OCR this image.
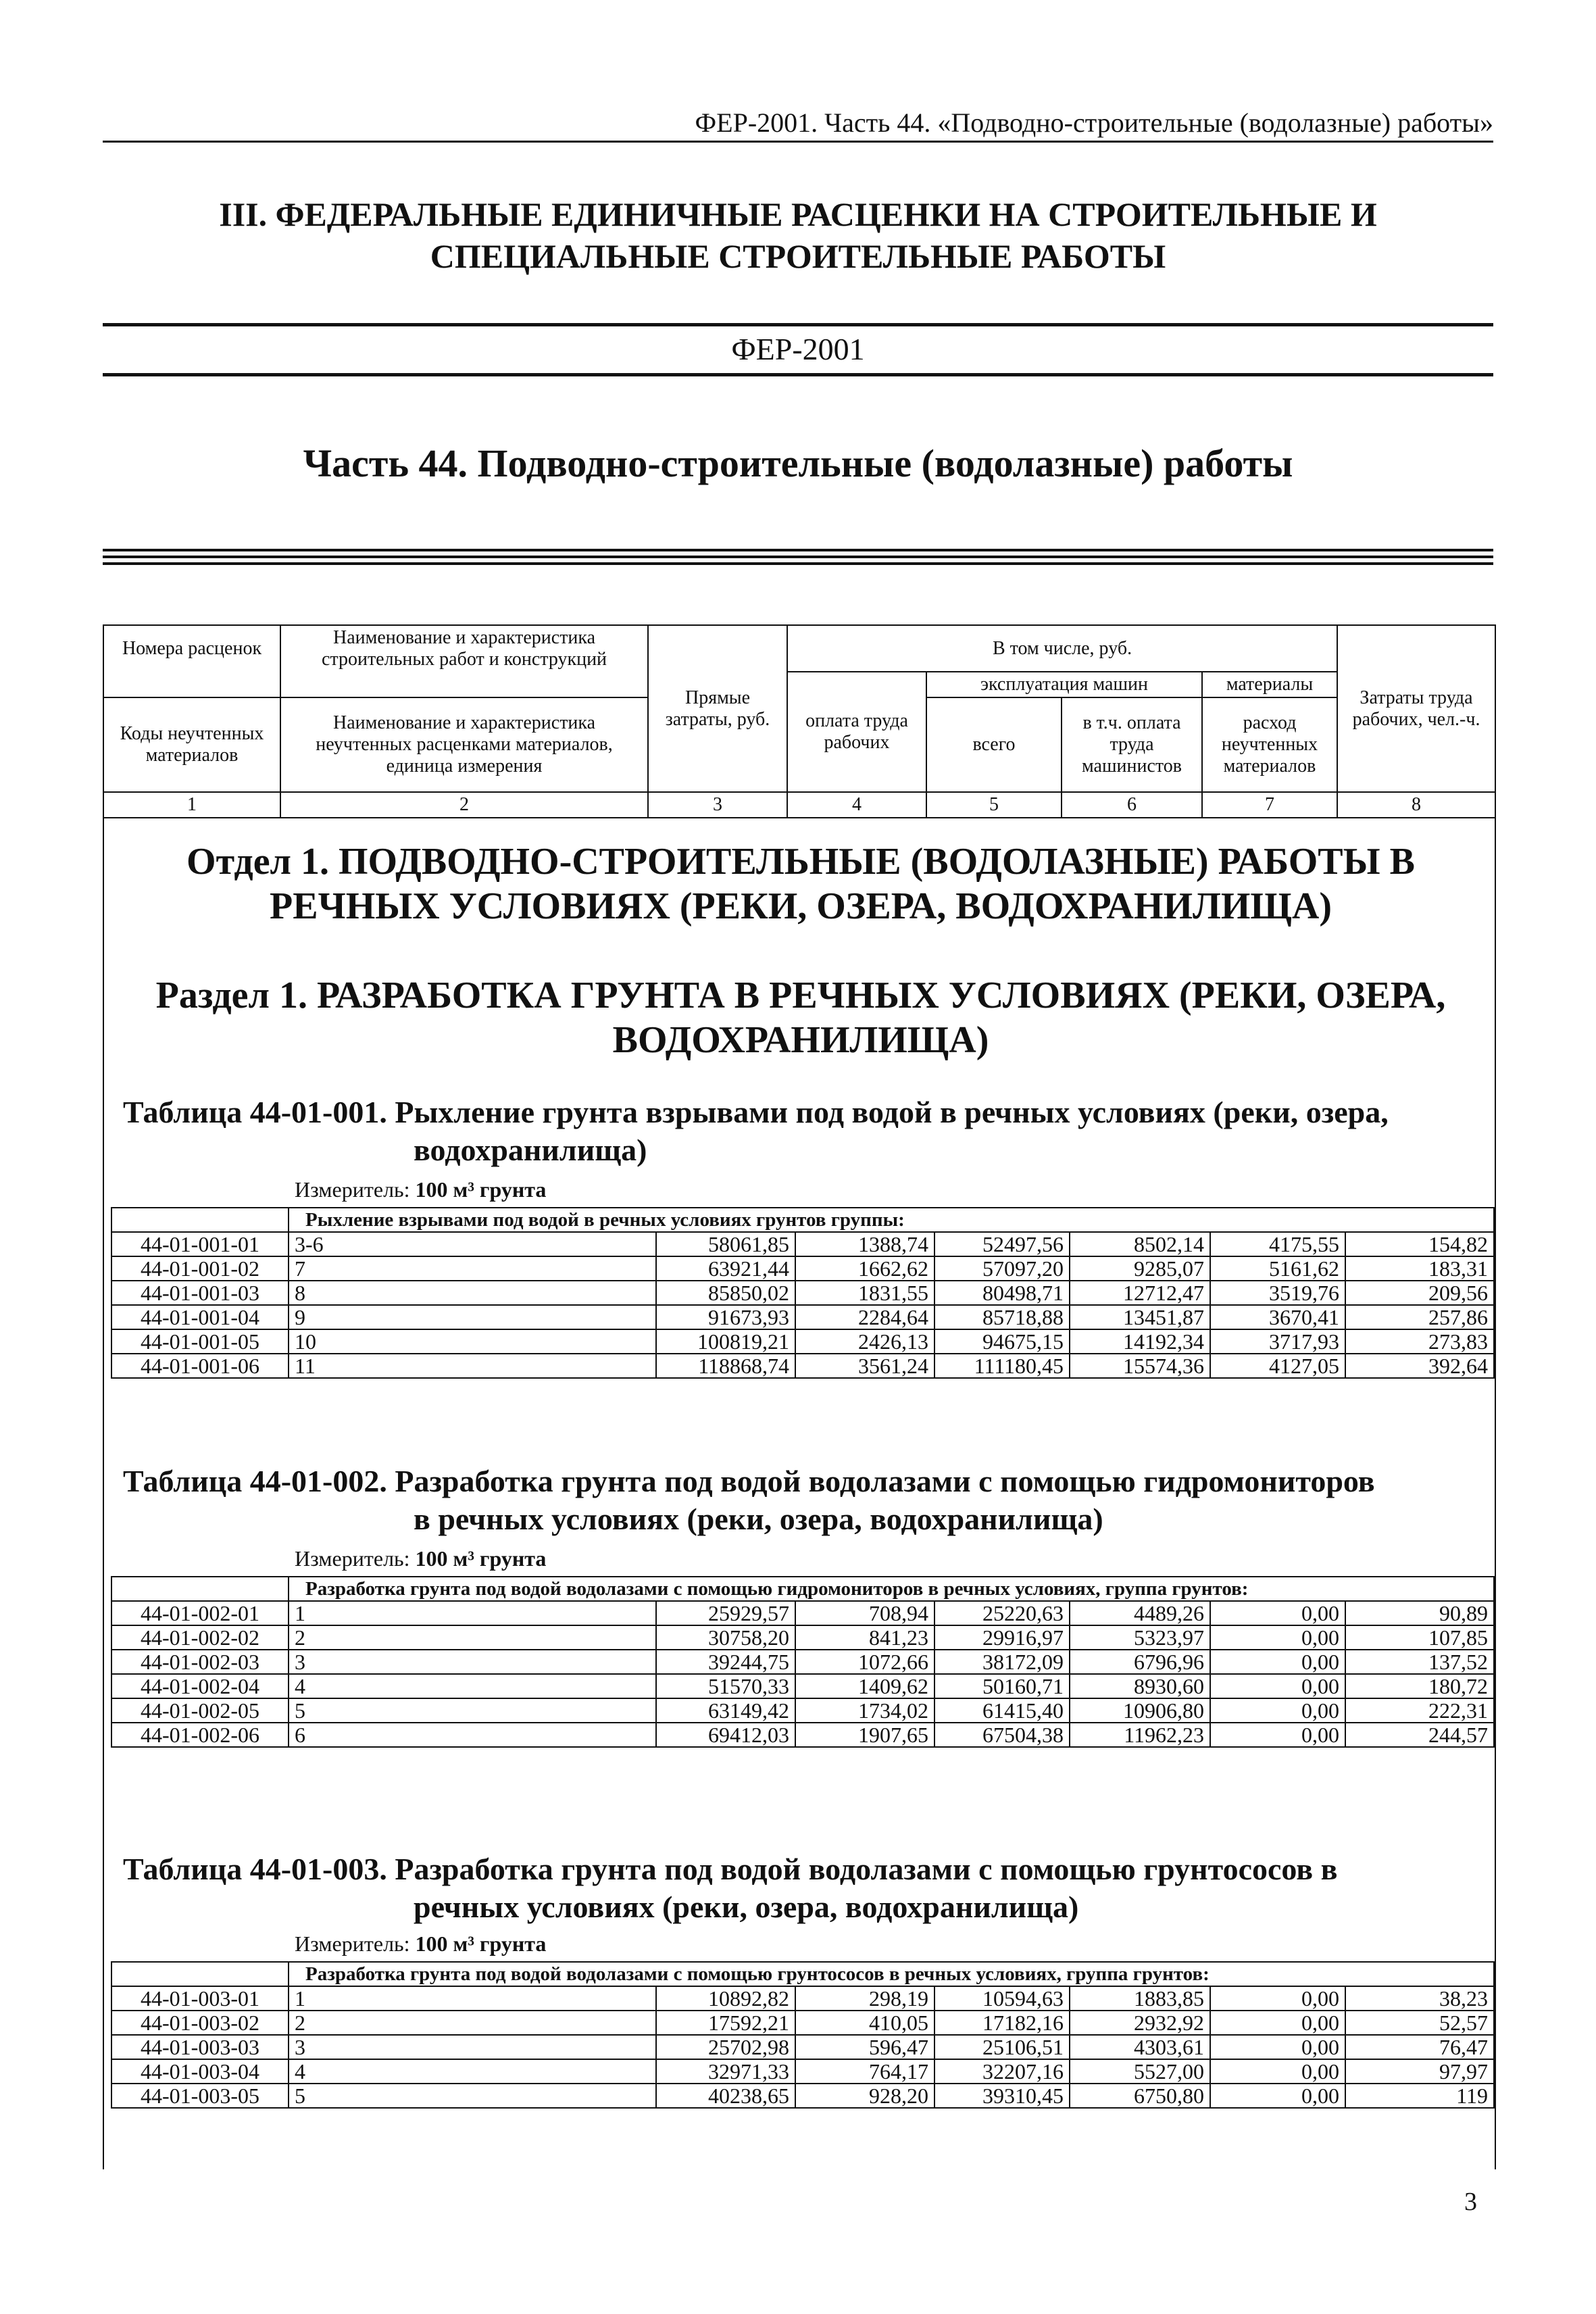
ФЕР-2001. Часть 44. «Подводно-строительные (водолазные) работы»
III. ФЕДЕРАЛЬНЫЕ ЕДИНИЧНЫЕ РАСЦЕНКИ НА СТРОИТЕЛЬНЫЕ И
СПЕЦИАЛЬНЫЕ СТРОИТЕЛЬНЫЕ РАБОТЫ
ФЕР-2001
Часть 44. Подводно-строительные (водолазные) работы
Номера расценок	Наименование и характеристика строительных работ и конструкций	Прямые затраты, руб.	В том числе, руб.				Затраты труда рабочих, чел.-ч.
			оплата труда рабочих	эксплуатация машин		материалы	
Коды неучтенных материалов	Наименование и характеристика неучтенных расценками материалов, единица измерения			всего	в т.ч. оплата труда машинистов	расход неучтенных материалов	

1	2	3	4	5	6	7	8
Отдел 1. ПОДВОДНО-СТРОИТЕЛЬНЫЕ (ВОДОЛАЗНЫЕ) РАБОТЫ В РЕЧНЫХ УСЛОВИЯХ (РЕКИ, ОЗЕРА, ВОДОХРАНИЛИЩА)
Раздел 1. РАЗРАБОТКА ГРУНТА В РЕЧНЫХ УСЛОВИЯХ (РЕКИ, ОЗЕРА, ВОДОХРАНИЛИЩА)
Таблица 44-01-001. Рыхление грунта взрывами под водой в речных условиях (реки, озера,
водохранилища)
Измеритель: 100 м³ грунта
	Рыхление взрывами под водой в речных условиях грунтов группы:						
44-01-001-01	3-6	58061,85	1388,74	52497,56	8502,14	4175,55	154,82
44-01-001-02	7	63921,44	1662,62	57097,20	9285,07	5161,62	183,31
44-01-001-03	8	85850,02	1831,55	80498,71	12712,47	3519,76	209,56
44-01-001-04	9	91673,93	2284,64	85718,88	13451,87	3670,41	257,86
44-01-001-05	10	100819,21	2426,13	94675,15	14192,34	3717,93	273,83
44-01-001-06	11	118868,74	3561,24	111180,45	15574,36	4127,05	392,64
Таблица 44-01-002. Разработка грунта под водой водолазами с помощью гидромониторов
в речных условиях (реки, озера, водохранилища)
Измеритель: 100 м³ грунта
	Разработка грунта под водой водолазами с помощью гидромониторов в речных условиях, группа грунтов:						
44-01-002-01	1	25929,57	708,94	25220,63	4489,26	0,00	90,89
44-01-002-02	2	30758,20	841,23	29916,97	5323,97	0,00	107,85
44-01-002-03	3	39244,75	1072,66	38172,09	6796,96	0,00	137,52
44-01-002-04	4	51570,33	1409,62	50160,71	8930,60	0,00	180,72
44-01-002-05	5	63149,42	1734,02	61415,40	10906,80	0,00	222,31
44-01-002-06	6	69412,03	1907,65	67504,38	11962,23	0,00	244,57
Таблица 44-01-003. Разработка грунта под водой водолазами с помощью грунтососов в
речных условиях (реки, озера, водохранилища)
Измеритель: 100 м³ грунта
	Разработка грунта под водой водолазами с помощью грунтососов в речных условиях, группа грунтов:						
44-01-003-01	1	10892,82	298,19	10594,63	1883,85	0,00	38,23
44-01-003-02	2	17592,21	410,05	17182,16	2932,92	0,00	52,57
44-01-003-03	3	25702,98	596,47	25106,51	4303,61	0,00	76,47
44-01-003-04	4	32971,33	764,17	32207,16	5527,00	0,00	97,97
44-01-003-05	5	40238,65	928,20	39310,45	6750,80	0,00	119
3
